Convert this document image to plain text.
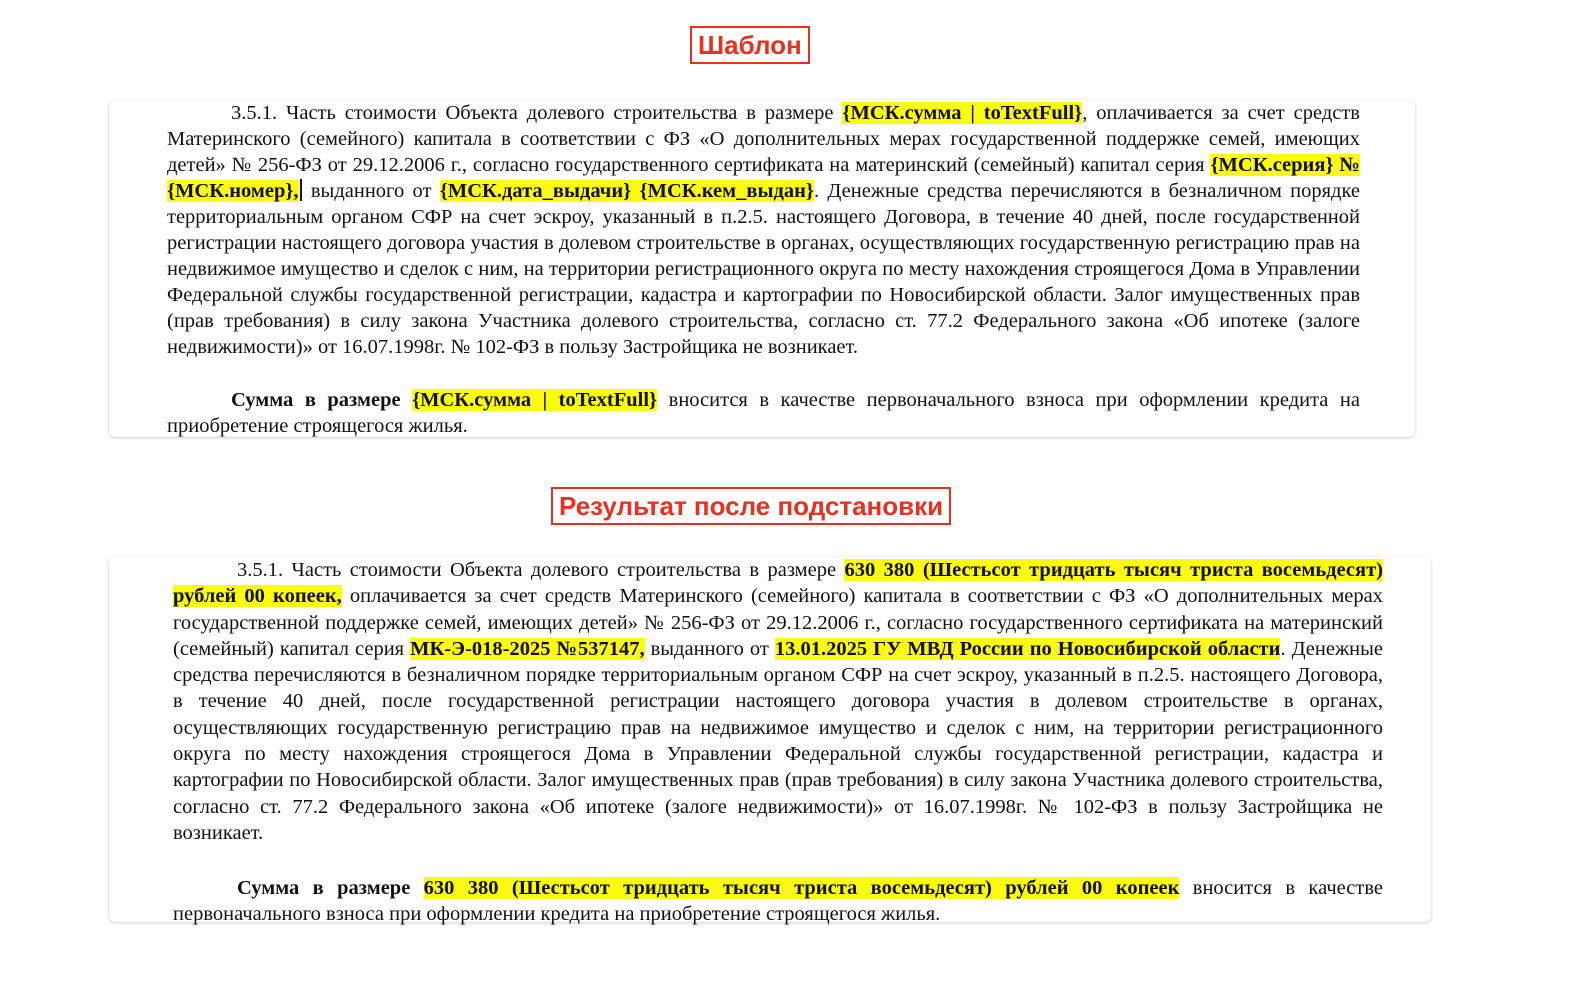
Шаблон

3.5.1. Часть стоимости Объекта долевого строительства в размере {МСК.сумма | toTextFull}, оплачивается за счет средств Материнского (семейного) капитала в соответствии с ФЗ «О дополнительных мерах государственной поддержке семей, имеющих детей» № 256-ФЗ от 29.12.2006 г., согласно государственного сертификата на материнский (семейный) капитал серия {МСК.серия} №{МСК.номер}, выданного от {МСК.дата_выдачи} {МСК.кем_выдан}. Денежные средства перечисляются в безналичном порядке территориальным органом СФР на счет эскроу, указанный в п.2.5. настоящего Договора, в течение 40 дней, после государственной регистрации настоящего договора участия в долевом строительстве в органах, осуществляющих государственную регистрацию прав на недвижимое имущество и сделок с ним, на территории регистрационного округа по месту нахождения строящегося Дома в Управлении Федеральной службы государственной регистрации, кадастра и картографии по Новосибирской области. Залог имущественных прав (прав требования) в силу закона Участника долевого строительства, согласно ст. 77.2 Федерального закона «Об ипотеке (залоге недвижимости)» от 16.07.1998г. № 102-ФЗ в пользу Застройщика не возникает.

Сумма в размере {МСК.сумма | toTextFull} вносится в качестве первоначального взноса при оформлении кредита на приобретение строящегося жилья.

Результат после подстановки

3.5.1. Часть стоимости Объекта долевого строительства в размере 630 380 (Шестьсот тридцать тысяч триста восемьдесят) рублей 00 копеек, оплачивается за счет средств Материнского (семейного) капитала в соответствии с ФЗ «О дополнительных мерах государственной поддержке семей, имеющих детей» № 256-ФЗ от 29.12.2006 г., согласно государственного сертификата на материнский (семейный) капитал серия МК-Э-018-2025 №537147, выданного от 13.01.2025 ГУ МВД России по Новосибирской области. Денежные средства перечисляются в безналичном порядке территориальным органом СФР на счет эскроу, указанный в п.2.5. настоящего Договора, в течение 40 дней, после государственной регистрации настоящего договора участия в долевом строительстве в органах, осуществляющих государственную регистрацию прав на недвижимое имущество и сделок с ним, на территории регистрационного округа по месту нахождения строящегося Дома в Управлении Федеральной службы государственной регистрации, кадастра и картографии по Новосибирской области. Залог имущественных прав (прав требования) в силу закона Участника долевого строительства, согласно ст. 77.2 Федерального закона «Об ипотеке (залоге недвижимости)» от 16.07.1998г. № 102-ФЗ в пользу Застройщика не возникает.

Сумма в размере 630 380 (Шестьсот тридцать тысяч триста восемьдесят) рублей 00 копеек вносится в качестве первоначального взноса при оформлении кредита на приобретение строящегося жилья.
